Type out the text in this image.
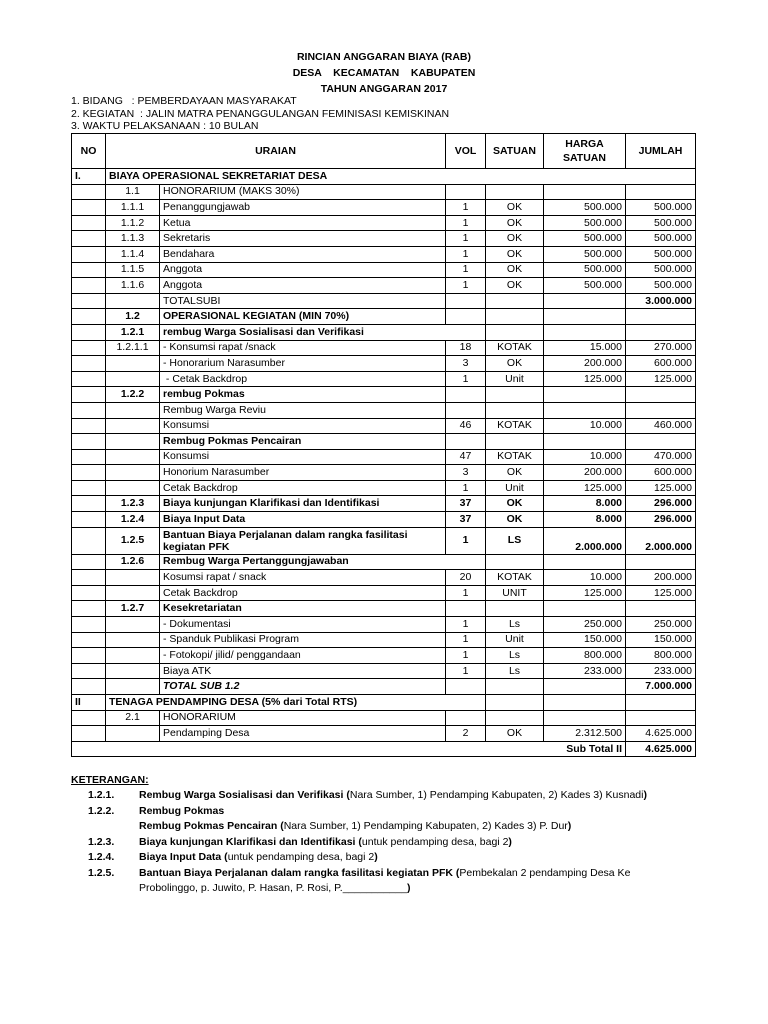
RINCIAN ANGGARAN BIAYA (RAB)
DESA    KECAMATAN    KABUPATEN
TAHUN ANGGARAN 2017
1. BIDANG   : PEMBERDAYAAN MASYARAKAT
2. KEGIATAN  : JALIN MATRA PENANGGULANGAN FEMINISASI KEMISKINAN
3. WAKTU PELAKSANAAN : 10 BULAN
NO	URAIAN		VOL	SATUAN	HARGA SATUAN	JUMLAH
I.	BIAYA OPERASIONAL SEKRETARIAT DESA					
	1.1	HONORARIUM (MAKS 30%)				
	1.1.1	Penanggungjawab	1	OK	500.000	500.000
	1.1.2	Ketua	1	OK	500.000	500.000
	1.1.3	Sekretaris	1	OK	500.000	500.000
	1.1.4	Bendahara	1	OK	500.000	500.000
	1.1.5	Anggota	1	OK	500.000	500.000
	1.1.6	Anggota	1	OK	500.000	500.000
		TOTALSUBI				3.000.000
	1.2	OPERASIONAL KEGIATAN (MIN 70%)				
	1.2.1	rembug Warga Sosialisasi dan Verifikasi				
	1.2.1.1	- Konsumsi rapat /snack	18	KOTAK	15.000	270.000
		- Honorarium Narasumber	3	OK	200.000	600.000
		- Cetak Backdrop	1	Unit	125.000	125.000
	1.2.2	rembug Pokmas				
		Rembug Warga Reviu				
		Konsumsi	46	KOTAK	10.000	460.000
		Rembug Pokmas Pencairan				
		Konsumsi	47	KOTAK	10.000	470.000
		Honorium Narasumber	3	OK	200.000	600.000
		Cetak Backdrop	1	Unit	125.000	125.000
	1.2.3	Biaya kunjungan Klarifikasi dan Identifikasi	37	OK	8.000	296.000
	1.2.4	Biaya Input Data	37	OK	8.000	296.000
	1.2.5	Bantuan Biaya Perjalanan dalam rangka fasilitasi kegiatan PFK	1	LS	2.000.000	2.000.000
	1.2.6	Rembug Warga Pertanggungjawaban				
		Kosumsi rapat / snack	20	KOTAK	10.000	200.000
		Cetak Backdrop	1	UNIT	125.000	125.000
	1.2.7	Kesekretariatan				
		- Dokumentasi	1	Ls	250.000	250.000
		- Spanduk Publikasi Program	1	Unit	150.000	150.000
		- Fotokopi/ jilid/ penggandaan	1	Ls	800.000	800.000
		Biaya ATK	1	Ls	233.000	233.000
		TOTAL SUB 1.2				7.000.000
II	TENAGA PENDAMPING DESA (5% dari Total RTS)					
	2.1	HONORARIUM				
		Pendamping Desa	2	OK	2.312.500	4.625.000
Sub Total II						4.625.000
KETERANGAN:
1.2.1.	Rembug Warga Sosialisasi dan Verifikasi (Nara Sumber, 1) Pendamping Kabupaten, 2) Kades 3) Kusnadi)
1.2.2.	Rembug Pokmas
Rembug Pokmas Pencairan (Nara Sumber, 1) Pendamping Kabupaten, 2) Kades 3) P. Dur)
1.2.3.	Biaya kunjungan Klarifikasi dan Identifikasi (untuk pendamping desa, bagi 2)
1.2.4.	Biaya Input Data (untuk pendamping desa, bagi 2)
1.2.5.	Bantuan Biaya Perjalanan dalam rangka fasilitasi kegiatan PFK (Pembekalan 2 pendamping Desa Ke
Probolinggo, p. Juwito, P. Hasan, P. Rosi, P.___________)
